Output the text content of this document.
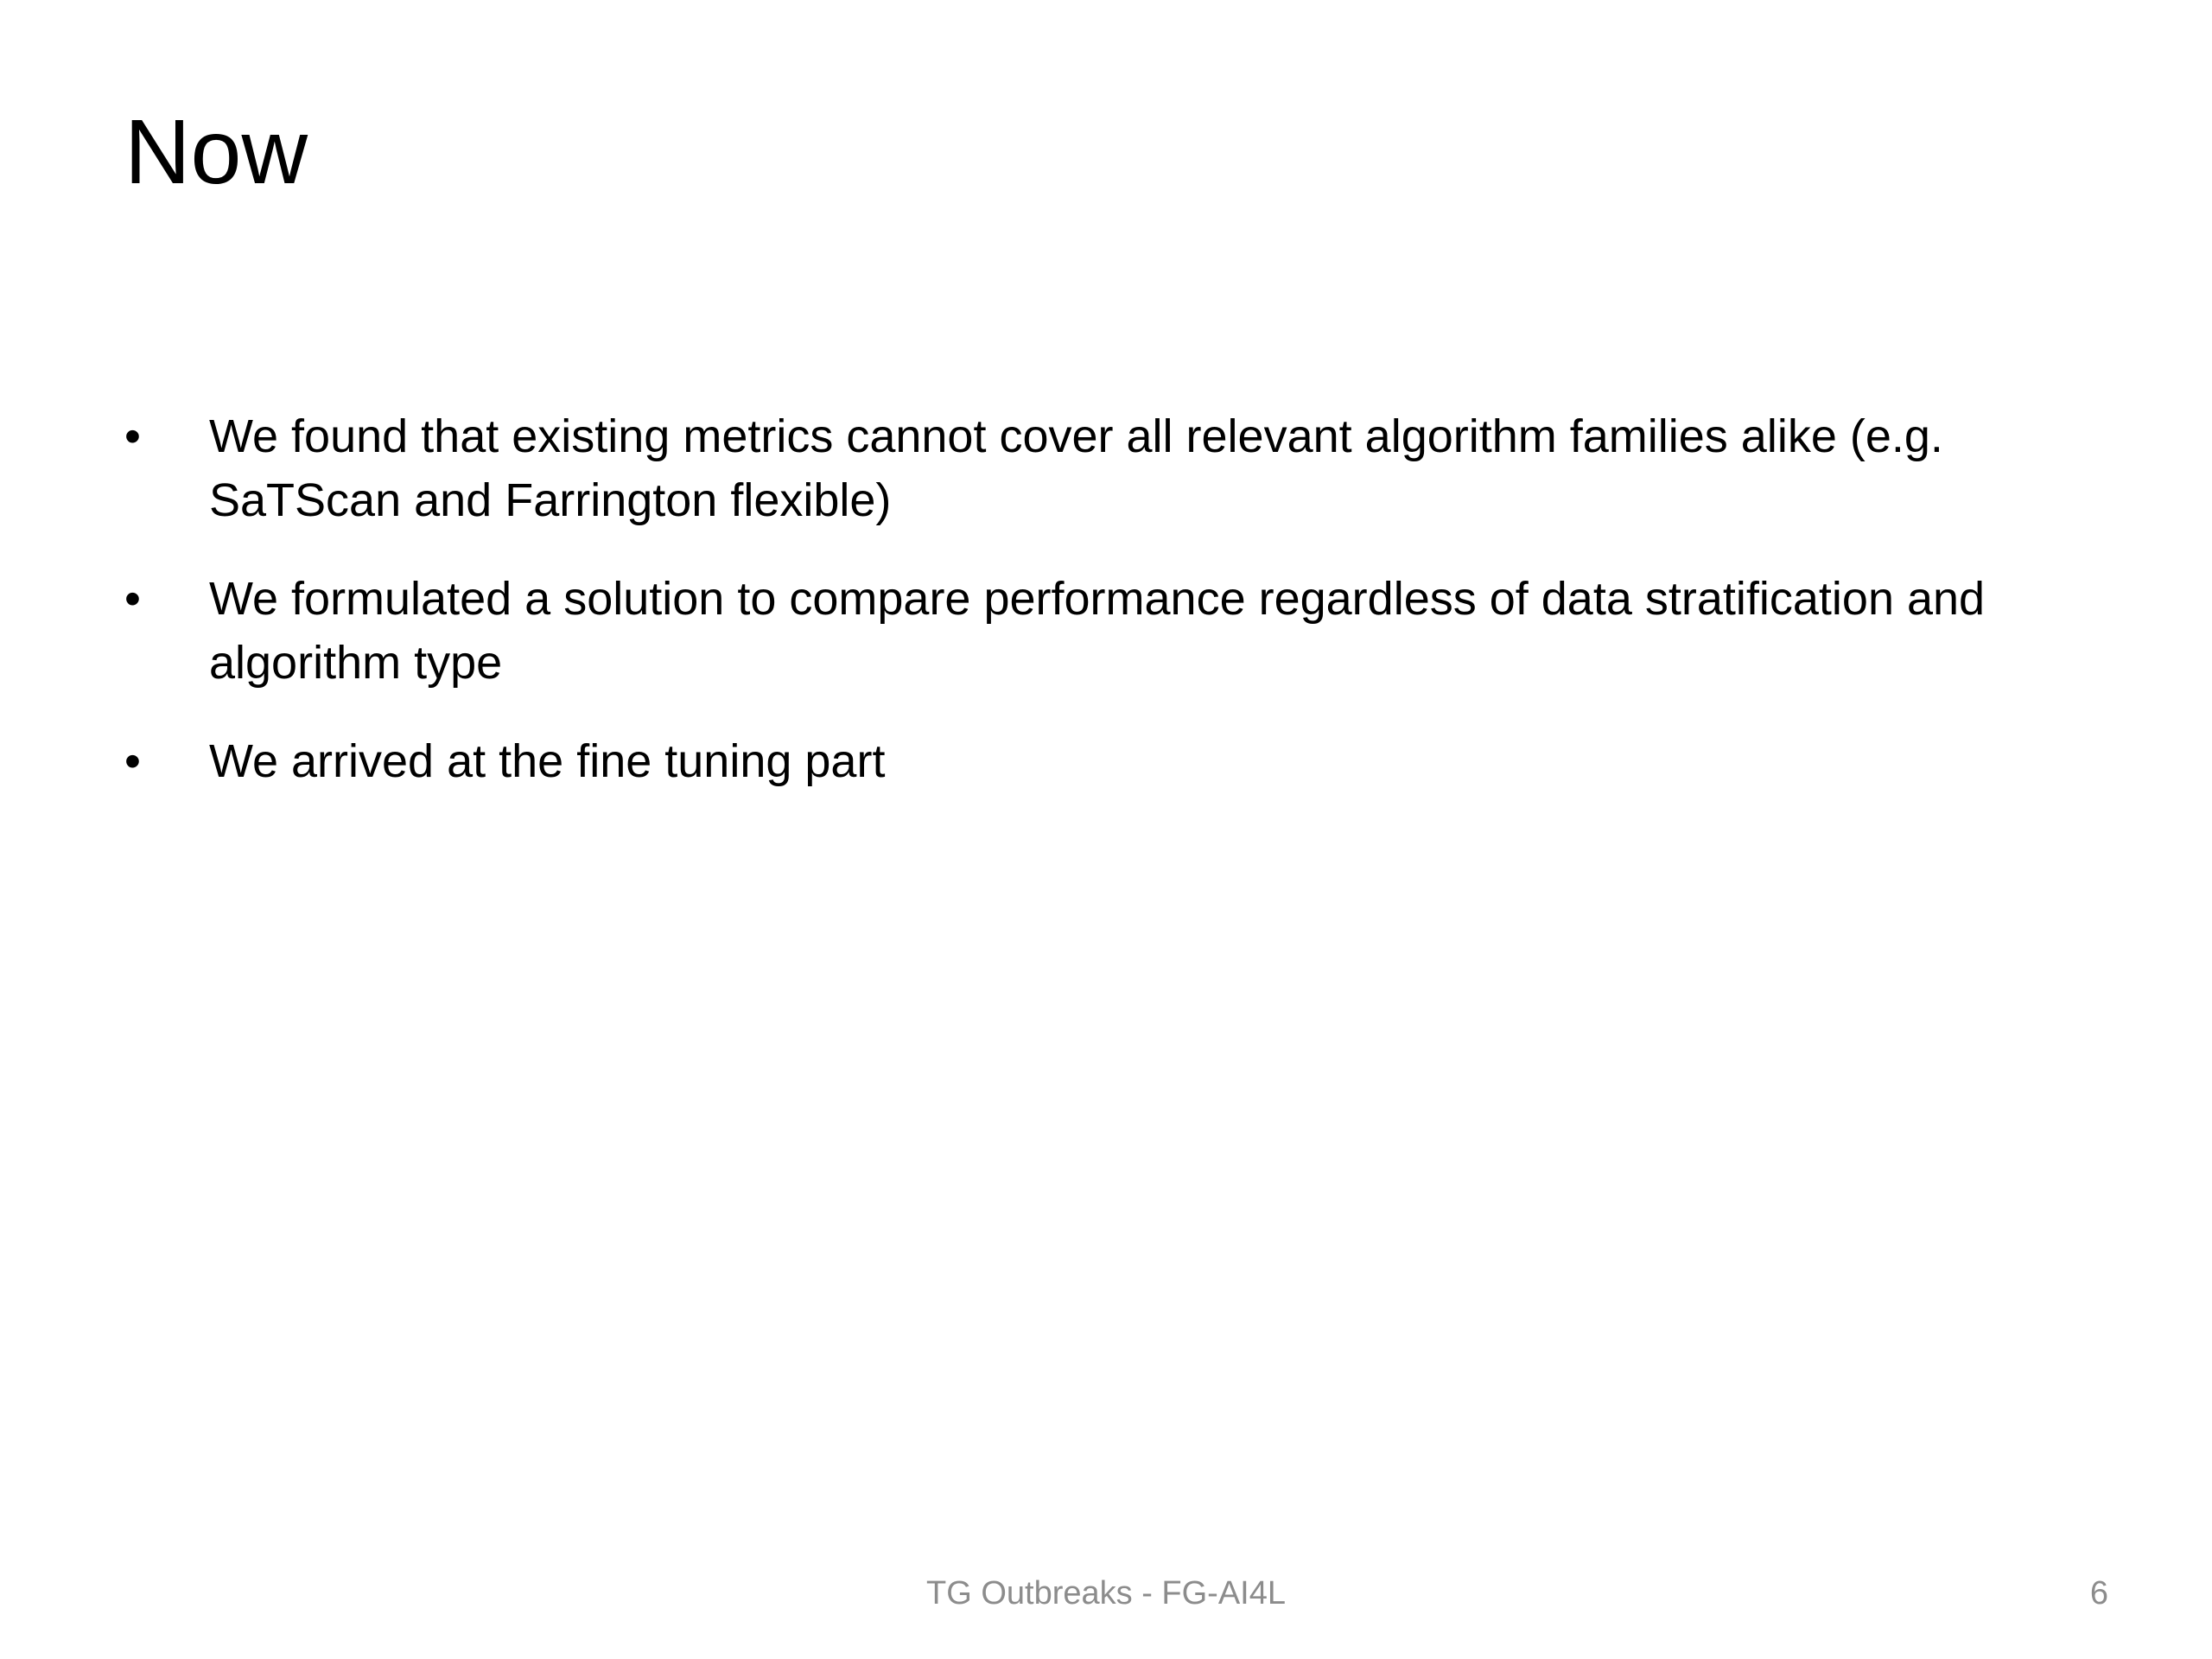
Now
• We found that existing metrics cannot cover all relevant algorithm families alike (e.g. SaTScan and Farrington flexible)
• We formulated a solution to compare performance regardless of data stratification and algorithm type
• We arrived at the fine tuning part
TG Outbreaks - FG-AI4L	6
